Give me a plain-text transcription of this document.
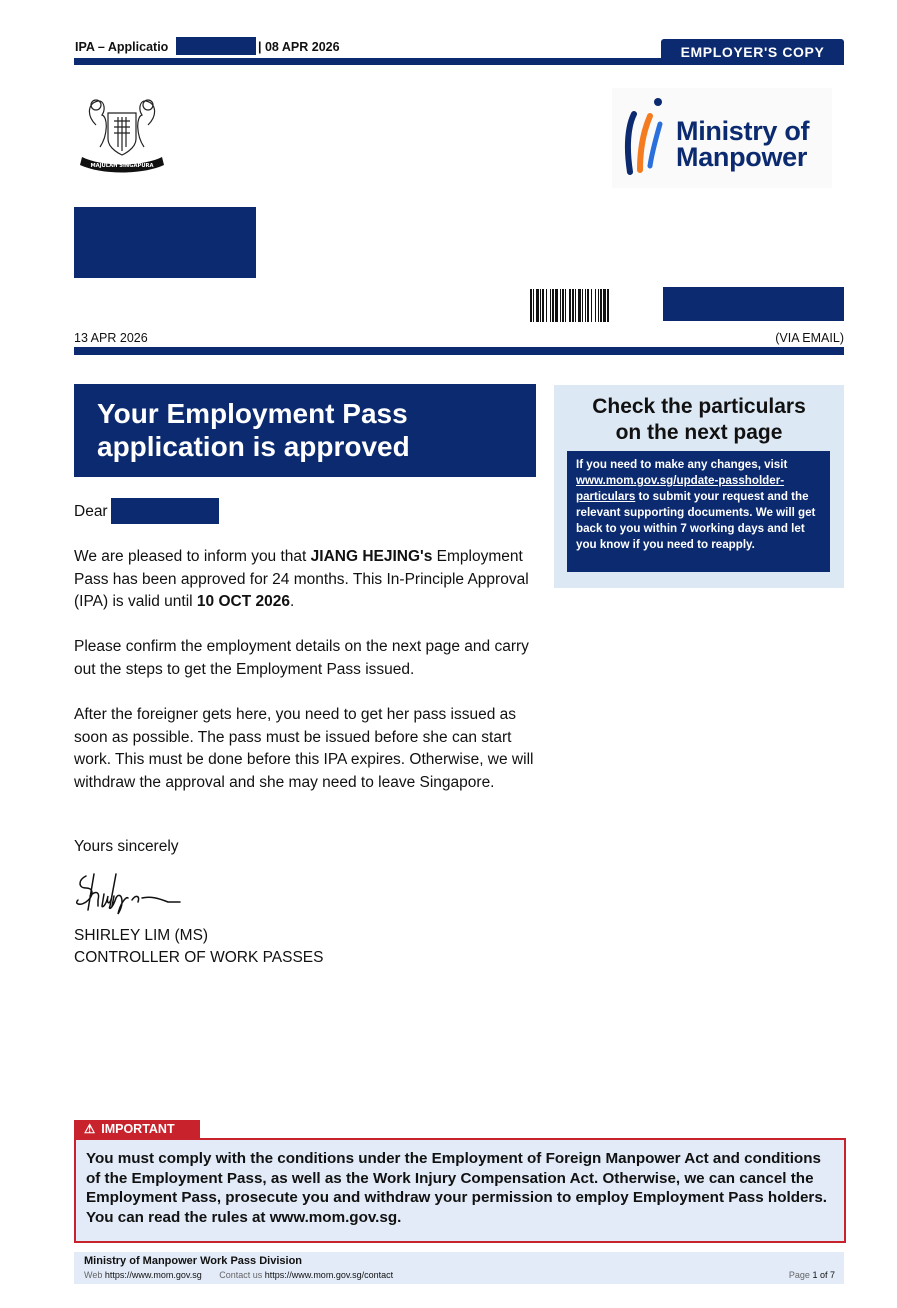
IPA – Applicatio	| 08 APR 2026	EMPLOYER'S COPY
MAJULAH SINGAPURA
Ministry of
Manpower
13 APR 2026	(VIA EMAIL)
Your Employment Pass
application is approved
Check the particulars
on the next page
If you need to make any changes, visit www.mom.gov.sg/update-passholder-particulars to submit your request and the relevant supporting documents. We will get back to you within 7 working days and let you know if you need to reapply.
Dear
We are pleased to inform you that JIANG HEJING's Employment Pass has been approved for 24 months. This In-Principle Approval (IPA) is valid until 10 OCT 2026.
Please confirm the employment details on the next page and carry out the steps to get the Employment Pass issued.
After the foreigner gets here, you need to get her pass issued as soon as possible. The pass must be issued before she can start work. This must be done before this IPA expires. Otherwise, we will withdraw the approval and she may need to leave Singapore.
Yours sincerely
SHIRLEY LIM (MS)
CONTROLLER OF WORK PASSES
⚠ IMPORTANT
You must comply with the conditions under the Employment of Foreign Manpower Act and conditions of the Employment Pass, as well as the Work Injury Compensation Act. Otherwise, we can cancel the Employment Pass, prosecute you and withdraw your permission to employ Employment Pass holders. You can read the rules at www.mom.gov.sg.
Ministry of Manpower Work Pass Division
Web https://www.mom.gov.sg Contact us https://www.mom.gov.sg/contact	Page 1 of 7
